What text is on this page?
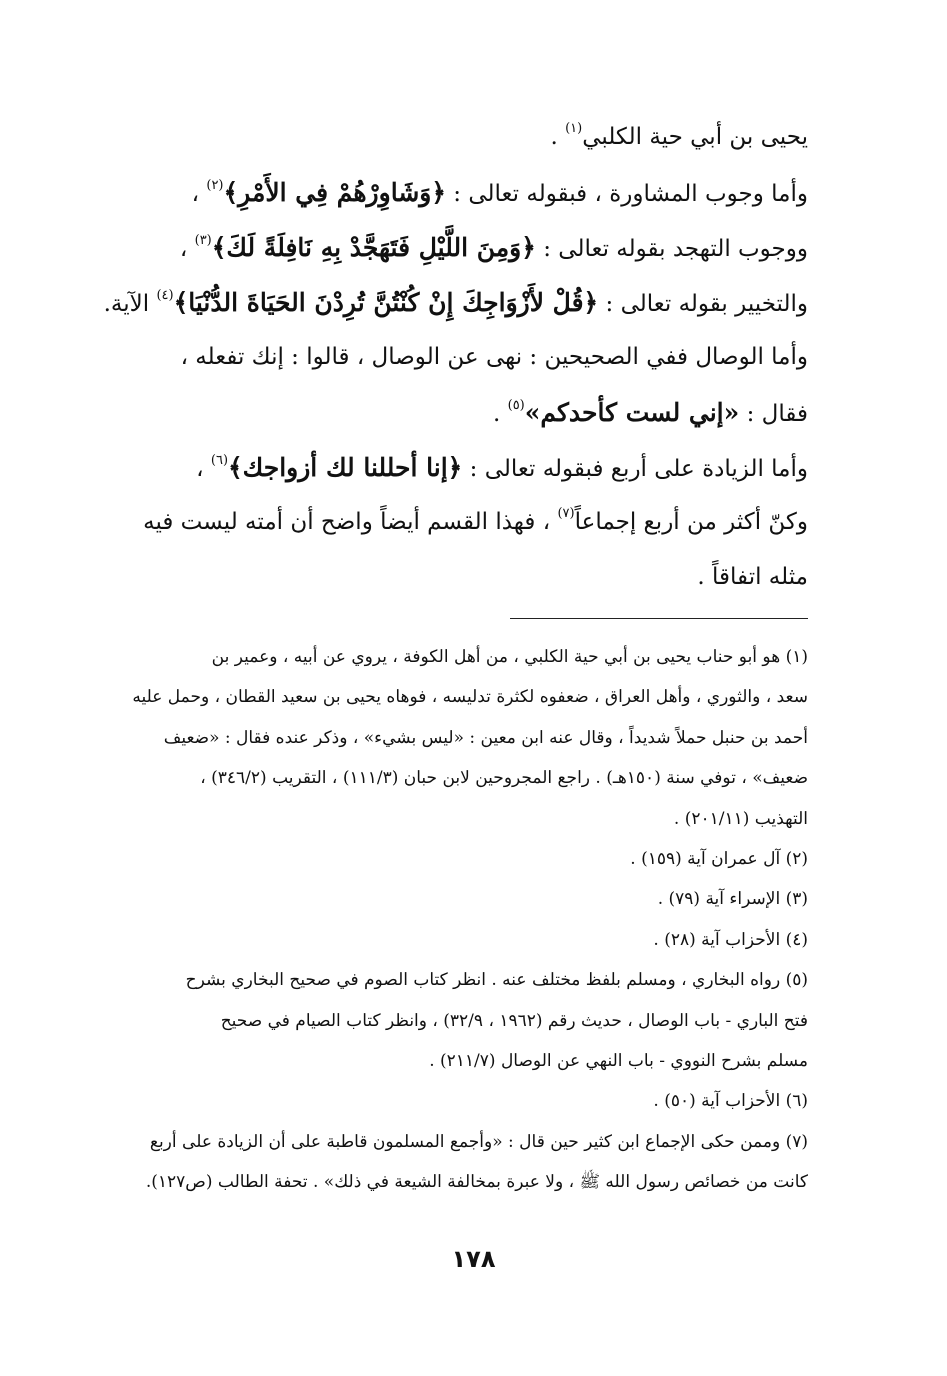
يحيى بن أبي حية الكلبي$^{(١)}$ .
وأما وجوب المشاورة ، فبقوله تعالى : ﴿وَشَاوِرْهُمْ فِي الأَمْرِ﴾$^{(٢)}$ ،
ووجوب التهجد بقوله تعالى : ﴿وَمِنَ اللَّيْلِ فَتَهَجَّدْ بِهِ نَافِلَةً لَكَ﴾$^{(٣)}$ ،
والتخيير بقوله تعالى : ﴿قُلْ لأَزْوَاجِكَ إِنْ كُنْتُنَّ تُرِدْنَ الحَيَاةَ الدُّنْيَا﴾$^{(٤)}$ الآية.
وأما الوصال ففي الصحيحين : نهى عن الوصال ، قالوا : إنك تفعله ،
فقال : «إني لست كأحدكم»$^{(٥)}$ .
وأما الزيادة على أربع فبقوله تعالى : ﴿إنا أحللنا لك أزواجك﴾$^{(٦)}$ ،
وكنّ أكثر من أربع إجماعاً$^{(٧)}$ ، فهذا القسم أيضاً واضح أن أمته ليست فيه
مثله اتفاقاً .
(١) هو أبو حناب يحيى بن أبي حية الكلبي ، من أهل الكوفة ، يروي عن أبيه ، وعمير بن
سعد ، والثوري ، وأهل العراق ، ضعفوه لكثرة تدليسه ، فوهاه يحيى بن سعيد القطان ، وحمل عليه
أحمد بن حنبل حملاً شديداً ، وقال عنه ابن معين : «ليس بشيء» ، وذكر عنده فقال : «ضعيف
ضعيف» ، توفي سنة (١٥٠هـ) . راجع المجروحين لابن حبان (١١١/٣) ، التقريب (٣٤٦/٢) ،
التهذيب (٢٠١/١١) .
(٢) آل عمران آية (١٥٩) .
(٣) الإسراء آية (٧٩) .
(٤) الأحزاب آية (٢٨) .
(٥) رواه البخاري ، ومسلم بلفظ مختلف عنه . انظر كتاب الصوم في صحيح البخاري بشرح
فتح الباري - باب الوصال ، حديث رقم (١٩٦٢ ، ٣٢/٩) ، وانظر كتاب الصيام في صحيح
مسلم بشرح النووي - باب النهي عن الوصال (٢١١/٧) .
(٦) الأحزاب آية (٥٠) .
(٧) وممن حكى الإجماع ابن كثير حين قال : «وأجمع المسلمون قاطبة على أن الزيادة على أربع
كانت من خصائص رسول الله ﷺ ، ولا عبرة بمخالفة الشيعة في ذلك» . تحفة الطالب (ص١٢٧).
١٧٨
